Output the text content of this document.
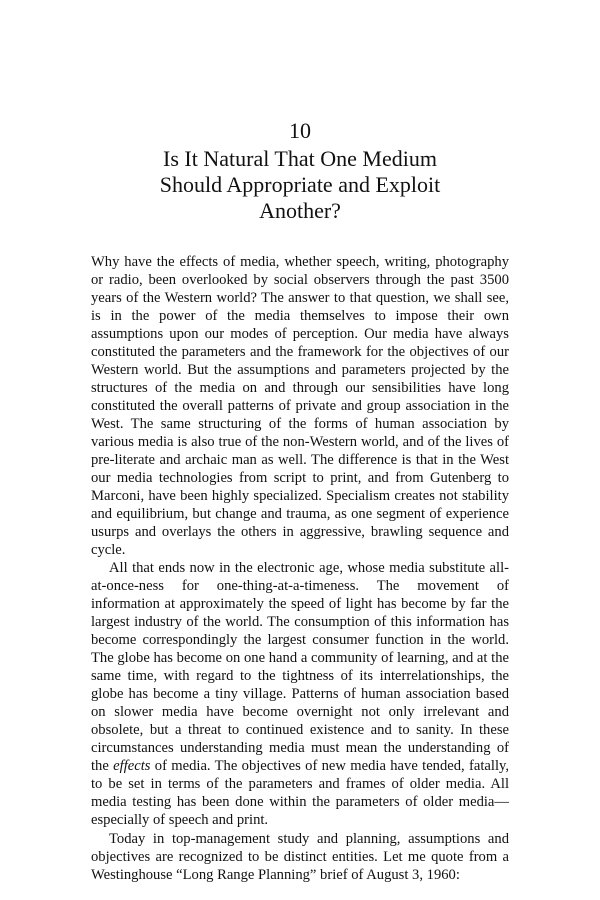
10
Is It Natural That One Medium
Should Appropriate and Exploit
Another?

Why have the effects of media, whether speech, writing, photography or radio, been overlooked by social observers through the past 3500 years of the Western world? The answer to that question, we shall see, is in the power of the media themselves to impose their own assumptions upon our modes of perception. Our media have always constituted the parameters and the framework for the objectives of our Western world. But the assumptions and parameters projected by the structures of the media on and through our sensibilities have long constituted the overall patterns of private and group association in the West. The same structuring of the forms of human association by various media is also true of the non-Western world, and of the lives of pre-literate and archaic man as well. The difference is that in the West our media technologies from script to print, and from Gutenberg to Marconi, have been highly specialized. Specialism creates not stability and equilibrium, but change and trauma, as one segment of experience usurps and overlays the others in aggressive, brawling sequence and cycle.

All that ends now in the electronic age, whose media substitute all-at-once-ness for one-thing-at-a-timeness. The movement of information at approximately the speed of light has become by far the largest industry of the world. The consumption of this information has become correspondingly the largest consumer function in the world. The globe has become on one hand a community of learning, and at the same time, with regard to the tightness of its interrelationships, the globe has become a tiny village. Patterns of human association based on slower media have become overnight not only irrelevant and obsolete, but a threat to continued existence and to sanity. In these circumstances understanding media must mean the understanding of the effects of media. The objectives of new media have tended, fatally, to be set in terms of the parameters and frames of older media. All media testing has been done within the parameters of older media—especially of speech and print.

Today in top-management study and planning, assumptions and objectives are recognized to be distinct entities. Let me quote from a Westinghouse “Long Range Planning” brief of August 3, 1960:
